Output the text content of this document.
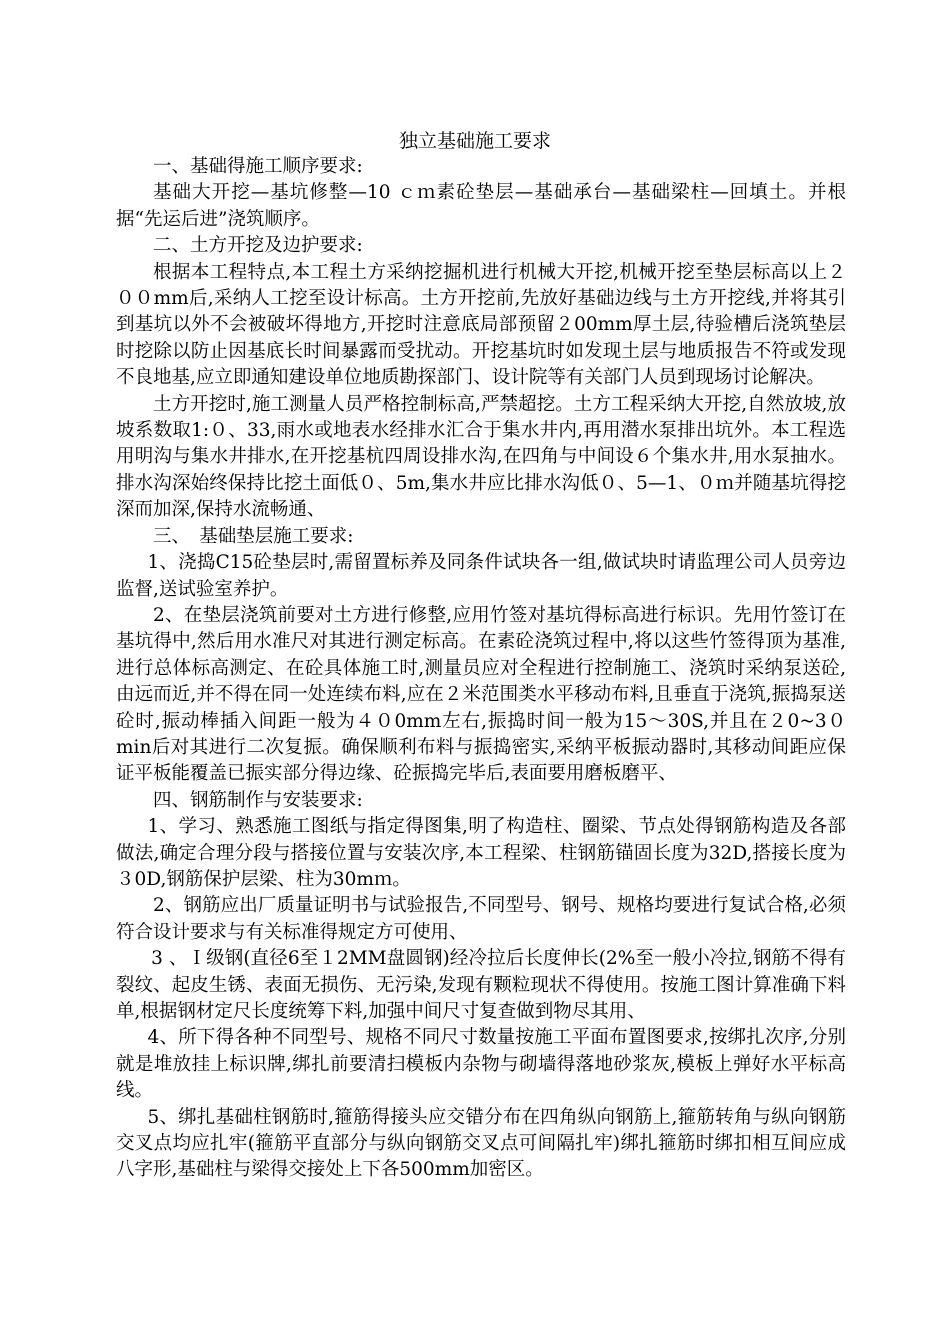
独立基础施工要求

一、基础得施工顺序要求:

基础大开挖—基坑修整—10 ｃｍ素砼垫层—基础承台—基础梁柱—回填土。并根据“先运后进”浇筑顺序。

二、土方开挖及边护要求:

根据本工程特点,本工程土方采纳挖掘机进行机械大开挖,机械开挖至垫层标高以上２００mm后,采纳人工挖至设计标高。土方开挖前,先放好基础边线与土方开挖线,并将其引到基坑以外不会被破坏得地方,开挖时注意底局部预留２00mm厚土层,待验槽后浇筑垫层时挖除以防止因基底长时间暴露而受扰动。开挖基坑时如发现土层与地质报告不符或发现不良地基,应立即通知建设单位地质勘探部门、设计院等有关部门人员到现场讨论解决。

土方开挖时,施工测量人员严格控制标高,严禁超挖。土方工程采纳大开挖,自然放坡,放坡系数取1:０、33,雨水或地表水经排水汇合于集水井内,再用潜水泵排出坑外。本工程选用明沟与集水井排水,在开挖基杭四周设排水沟,在四角与中间设６个集水井,用水泵抽水。排水沟深始终保持比挖土面低０、5m,集水井应比排水沟低０、5—1、０ｍ并随基坑得挖深而加深,保持水流畅通、

三、　基础垫层施工要求:

1、浇捣C15砼垫层时,需留置标养及同条件试块各一组,做试块时请监理公司人员旁边监督,送试验室养护。

2、在垫层浇筑前要对土方进行修整,应用竹签对基坑得标高进行标识。先用竹签订在基坑得中,然后用水准尺对其进行测定标高。在素砼浇筑过程中,将以这些竹签得顶为基准,进行总体标高测定、在砼具体施工时,测量员应对全程进行控制施工、浇筑时采纳泵送砼,由远而近,并不得在同一处连续布料,应在２米范围类水平移动布料,且垂直于浇筑,振捣泵送砼时,振动棒插入间距一般为４０0mm左右,振捣时间一般为15～30S,并且在２0~3０min后对其进行二次复振。确保顺利布料与振捣密实,采纳平板振动器时,其移动间距应保证平板能覆盖已振实部分得边缘、砼振捣完毕后,表面要用磨板磨平、

四、钢筋制作与安装要求:

1、学习、熟悉施工图纸与指定得图集,明了构造柱、圈梁、节点处得钢筋构造及各部做法,确定合理分段与搭接位置与安装次序,本工程梁、柱钢筋锚固长度为32D,搭接长度为３0D,钢筋保护层梁、柱为30mｍ。

2、钢筋应出厂质量证明书与试验报告,不同型号、钢号、规格均要进行复试合格,必须符合设计要求与有关标准得规定方可使用、

3 、Ｉ级钢(直径6至１2MM盘圆钢)经冷拉后长度伸长(2%至一般小冷拉,钢筋不得有裂纹、起皮生锈、表面无损伤、无污染,发现有颗粒现状不得使用。按施工图计算准确下料单,根据钢材定尺长度统筹下料,加强中间尺寸复查做到物尽其用、

4、所下得各种不同型号、规格不同尺寸数量按施工平面布置图要求,按绑扎次序,分别就是堆放挂上标识牌,绑扎前要清扫模板内杂物与砌墙得落地砂浆灰,模板上弹好水平标高线。

5、绑扎基础柱钢筋时,箍筋得接头应交错分布在四角纵向钢筋上,箍筋转角与纵向钢筋交叉点均应扎牢(箍筋平直部分与纵向钢筋交叉点可间隔扎牢)绑扎箍筋时绑扣相互间应成八字形,基础柱与梁得交接处上下各500mm加密区。
